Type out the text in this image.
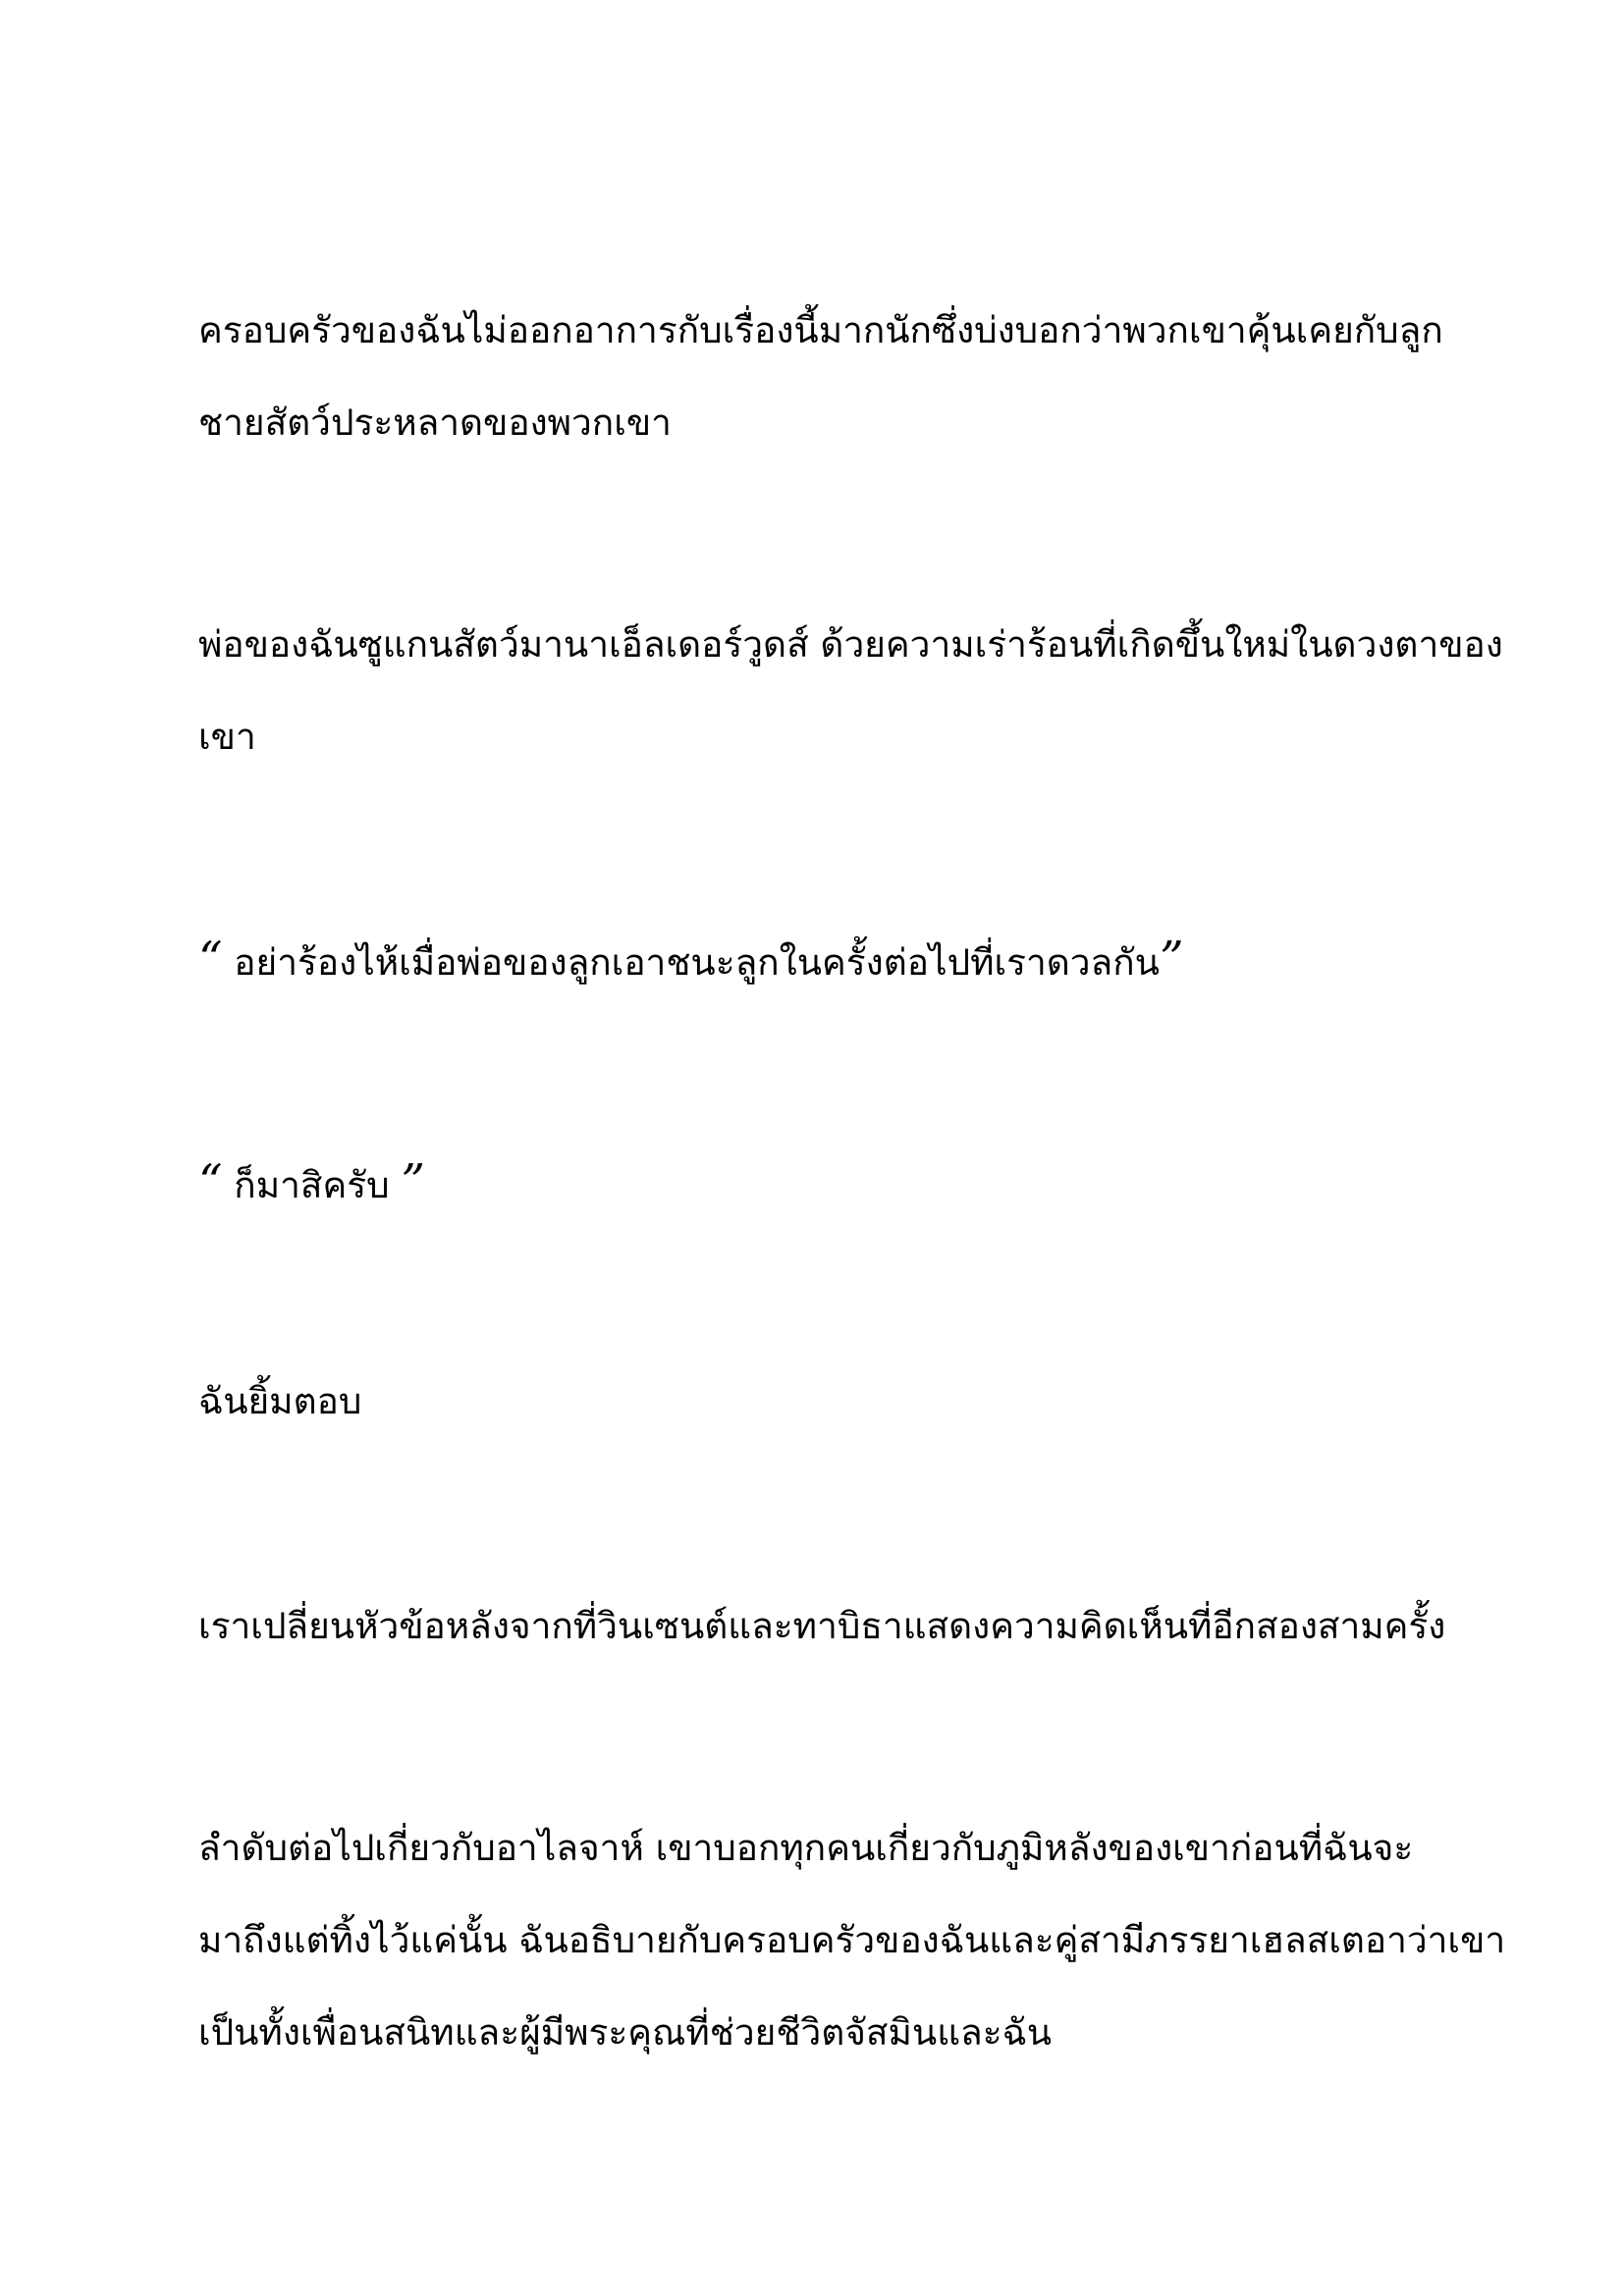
ครอบครัวของฉันไม่ออกอาการกับเรื่องนี้มากนักซึ่งบ่งบอกว่าพวกเขาคุ้นเคยกับลูก
ชายสัตว์ประหลาดของพวกเขา

พ่อของฉันซูแกนสัตว์มานาเอ็ลเดอร์วูดส์ ด้วยความเร่าร้อนที่เกิดขึ้นใหม่ในดวงตาของ
เขา

“ อย่าร้องไห้เมื่อพ่อของลูกเอาชนะลูกในครั้งต่อไปที่เราดวลกัน”

“ ก็มาสิครับ ”

ฉันยิ้มตอบ

เราเปลี่ยนหัวข้อหลังจากที่วินเซนต์และทาบิธาแสดงความคิดเห็นที่อีกสองสามครั้ง

ลำดับต่อไปเกี่ยวกับอาไลจาห์ เขาบอกทุกคนเกี่ยวกับภูมิหลังของเขาก่อนที่ฉันจะ
มาถึงแต่ทิ้งไว้แค่นั้น ฉันอธิบายกับครอบครัวของฉันและคู่สามีภรรยาเฮลสเตอาว่าเขา
เป็นทั้งเพื่อนสนิทและผู้มีพระคุณที่ช่วยชีวิตจัสมินและฉัน
